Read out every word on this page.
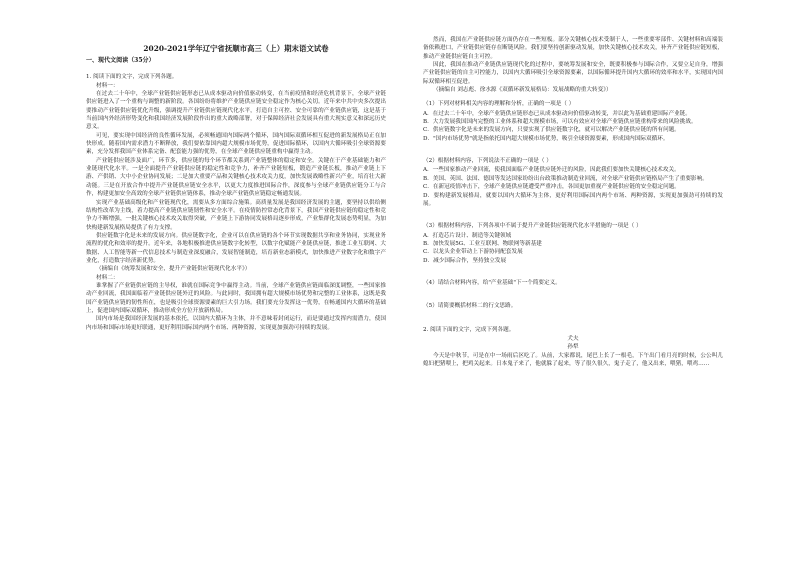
2020-2021学年辽宁省抚顺市高三（上）期末语文试卷
一、现代文阅读（35分）

1. 阅读下面的文字，完成下列各题。

材料一：

在过去二十年中，全球产业链供应链形态已从成本驱动向价值驱动转变，在当前疫情和经济危机背景下，全球产业链供应链进入了一个重构与调整的新阶段。各国纷纷将维护产业链供应链安全稳定作为核心关切。近年来中共中央多次提出要推动产业链供应链优化升级，强调提升产业链供应链现代化水平，打造自主可控、安全可靠的产业链供应链，这是基于当前国内外经济形势变化和我国经济发展阶段作出的重大战略部署，对于保障经济社会发展具有重大现实意义和深远历史意义。

可见，要实现中国经济的良性循环发展，必须畅通国内国际两个循环，国内国际双循环相互促进的新发展格局正在加快形成。随着国内需求潜力不断释放，我们要依靠国内超大规模市场优势，促进国际循环，以国内大循环吸引全球资源要素，充分发挥我国产业体系完备、配套能力强的优势，在全球产业链供应链重构中赢得主动。

产业链供应链涉及面广，环节多，供应链的每个环节都关系到产业链整体的稳定和安全。关键在于产业基础能力和产业链现代化水平。一是全面提升产业链供应链的稳定性和竞争力，补齐产业链短板，锻造产业链长板，推动产业链上下游、产供销、大中小企业协同发展；二是加大重要产品和关键核心技术攻关力度，加快发展战略性新兴产业，培育壮大新动能。三是在开放合作中提升产业链供应链安全水平，以更大力度推进国际合作，深度参与全球产业链供应链分工与合作，构建更加安全高效的全球产业链供应链体系，推动全球产业链供应链稳定畅通发展。

实现产业基础高级化和产业链现代化，需要从多方面综合施策。高质量发展是我国经济发展的主题，要坚持以供给侧结构性改革为主线，着力提高产业链供应链韧性和安全水平。在疫情防控常态化背景下，我国产业链供应链的稳定性和竞争力不断增强，一批关键核心技术攻关取得突破，产业链上下游协同发展格局逐步形成，产业集群化发展态势明显，为加快构建新发展格局提供了有力支撑。

供应链数字化是未来的发展方向。供应链数字化，企业可以在供应链的各个环节实现数据共享和业务协同，实现业务流程的优化和效率的提升。近年来，各地积极推进供应链数字化转型，以数字化赋能产业链供应链，推进工业互联网、大数据、人工智能等新一代信息技术与制造业深度融合，发展智能制造，培育新业态新模式，加快推进产业数字化和数字产业化，打造数字经济新优势。

（摘编自《统筹发展和安全，提升产业链供应链现代化水平》）

材料二：

谁掌握了产业链供应链的主导权，谁就在国际竞争中赢得主动。当前，全球产业链供应链面临深度调整，一些国家推动产业回流，我国面临着产业链供应链外迁的风险。与此同时，我国拥有超大规模市场优势和完整的工业体系，这既是我国产业链供应链的韧性所在，也是吸引全球资源要素的巨大引力场。我们要充分发挥这一优势，在畅通国内大循环的基础上，促进国内国际双循环，推动形成全方位开放新格局。

国内市场是我国经济发展的基本依托，以国内大循环为主体，并不意味着封闭运行，而是要通过发挥内需潜力，使国内市场和国际市场更好联通，更好利用国际国内两个市场、两种资源，实现更加强劲可持续的发展。

然而，我国在产业链供应链方面仍存在一些短板。部分关键核心技术受制于人，一些重要零部件、关键材料和高端装备依赖进口，产业链供应链存在断链风险。我们要坚持创新驱动发展，加快关键核心技术攻关，补齐产业链供应链短板，推动产业链供应链自主可控。

因此，我国在推动产业链供应链现代化的过程中，要统筹发展和安全，既要积极参与国际合作，又要立足自身，增强产业链供应链的自主可控能力，以国内大循环吸引全球资源要素，以国际循环提升国内大循环的效率和水平，实现国内国际双循环相互促进。

（摘编自 刘志彪、徐水源《双循环新发展格局：发展战略的重大转变》）

（1）下列对材料相关内容的理解和分析，正确的一项是（ ）

A．在过去二十年中，全球产业链供应链形态已从成本驱动向价值驱动转变，并以此为基础重建国际产业链。

B．大力发展我国国内完整的工业体系和超大规模市场，可以有效应对全球产业链供应链重构带来的风险挑战。

C．供应链数字化是未来的发展方向，只要实现了供应链数字化，就可以解决产业链供应链的所有问题。

D．"国内市场优势"就是指依托国内超大规模市场优势，吸引全球资源要素，形成国内国际双循环。

（2）根据材料内容，下列说法不正确的一项是（ ）

A．一些国家推动产业回流，使我国面临产业链供应链外迁的风险，因此我们要加快关键核心技术攻关。

B．美国、英国、法国、德国等发达国家纷纷出台政策推动制造业回流，对全球产业链供应链格局产生了重要影响。

C．在新冠疫情冲击下，全球产业链供应链遭受严重冲击，各国更加重视产业链供应链的安全稳定问题。

D．要构建新发展格局，就要以国内大循环为主体，更好利用国际国内两个市场、两种资源，实现更加强劲可持续的发展。

（3）根据材料内容，下列各项中不属于提升产业链供应链现代化水平措施的一项是（ ）

A．打造芯片设计、制造等关键领域

B．加快发展5G、工业互联网、物联网等新基建

C．以龙头企业带动上下游协同配套发展

D．减少国际合作，坚持独立发展

（4）请结合材料内容，给"产业基础"下一个简要定义。

（5）请简要概括材料二的行文思路。

2. 阅读下面的文字，完成下列各题。

犬夫

孙犁

今天是中秋节，可是在中一场雨后区吃了。从前，大家都说，尾巴上长了一根毛，下午出门看月亮的时候，公公叫儿媳妇把猪喂上，把鸡关起来。日本鬼子来了，他就躲了起来，等了很久很久，鬼子走了，他又出来，喂猪，喂鸡……
